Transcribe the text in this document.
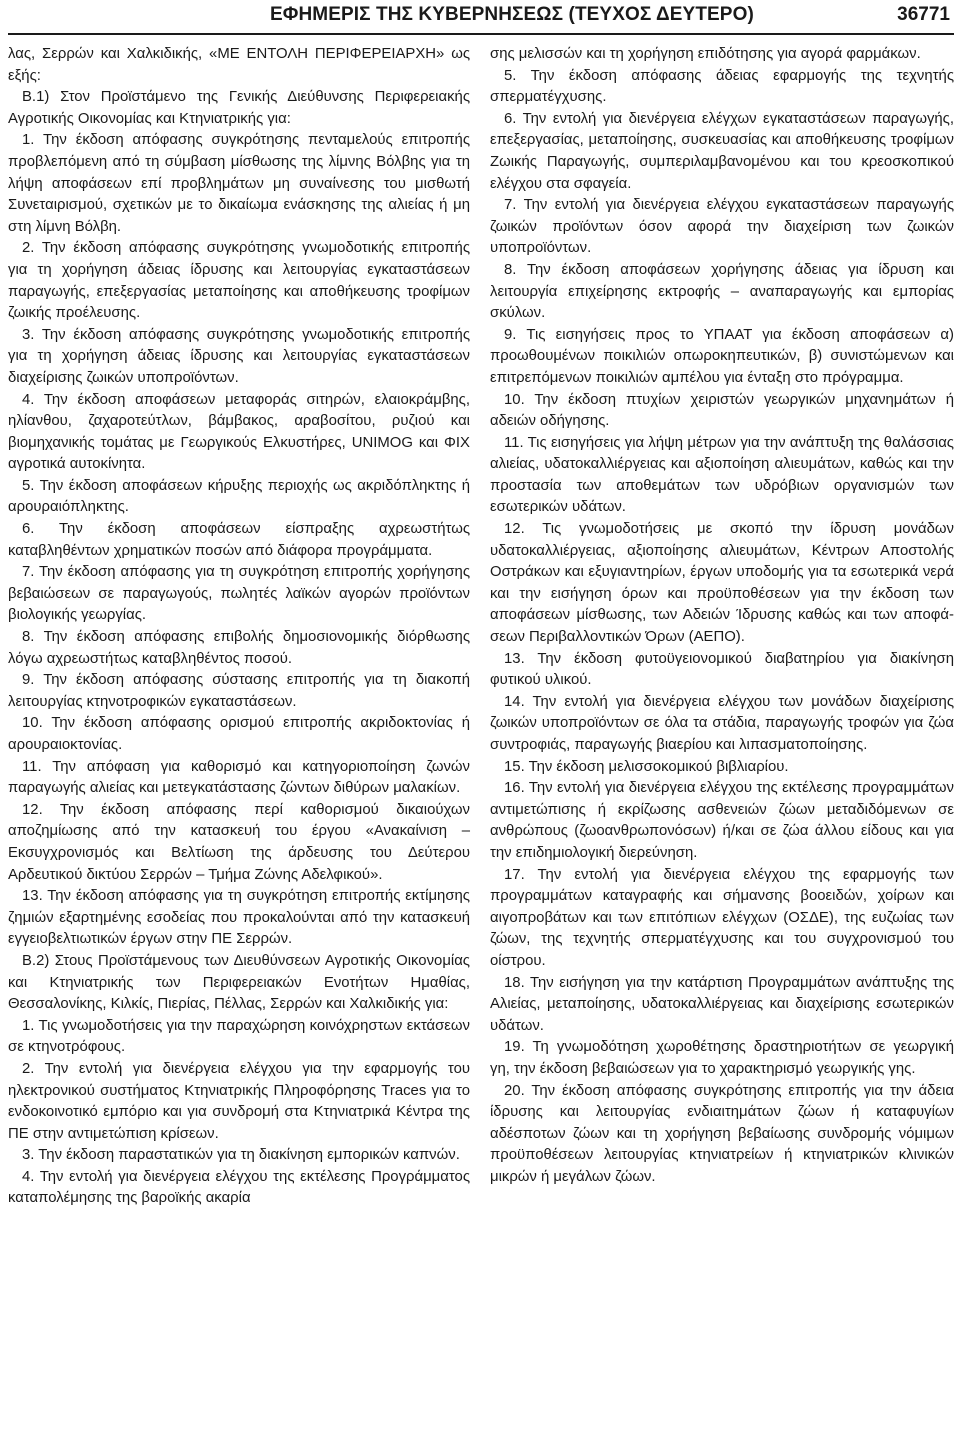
ΕΦΗΜΕΡΙΣ ΤΗΣ ΚΥΒΕΡΝΗΣΕΩΣ (ΤΕΥΧΟΣ ΔΕΥΤΕΡΟ)	36771

λας, Σερρών και Χαλκιδικής, «ΜΕ ΕΝΤΟΛΗ ΠΕΡΙΦΕΡΕΙΑΡΧΗ» ως εξής:

Β.1) Στον Προϊστάμενο της Γενικής Διεύθυνσης Περιφερειακής Αγροτικής Οικονομίας και Κτηνιατρικής για:

1. Την έκδοση απόφασης συγκρότησης πενταμελούς επιτροπής προβλεπόμενη από τη σύμβαση μίσθωσης της λίμνης Βόλβης για τη λήψη αποφάσεων επί προβλημάτων μη συναίνεσης του μισθωτή Συνεταιρισμού, σχετικών με το δικαίωμα ενάσκησης της αλιείας ή μη στη λίμνη Βόλβη.

2. Την έκδοση απόφασης συγκρότησης γνωμοδοτικής επιτροπής για τη χορήγηση άδειας ίδρυσης και λειτουργίας εγκαταστάσεων παραγωγής, επεξεργασίας μεταποίησης και αποθήκευσης τροφίμων ζωικής προέλευσης.

3. Την έκδοση απόφασης συγκρότησης γνωμοδοτικής επιτροπής για τη χορήγηση άδειας ίδρυσης και λειτουργίας εγκαταστάσεων διαχείρισης ζωικών υποπροϊόντων.

4. Την έκδοση αποφάσεων μεταφοράς σιτηρών, ελαιοκράμβης, ηλίανθου, ζαχαροτεύτλων, βάμβακος, αραβοσίτου, ρυζιού και βιομηχανικής τομάτας με Γεωργικούς Ελκυστήρες, UNIMOG και ΦΙΧ αγροτικά αυτοκίνητα.

5. Την έκδοση αποφάσεων κήρυξης περιοχής ως ακριδόπληκτης ή αρουραιόπληκτης.

6. Την έκδοση αποφάσεων είσπραξης αχρεωστήτως καταβληθέντων χρηματικών ποσών από διάφορα προγράμματα.

7. Την έκδοση απόφασης για τη συγκρότηση επιτροπής χορήγησης βεβαιώσεων σε παραγωγούς, πωλητές λαϊκών αγορών προϊόντων βιολογικής γεωργίας.

8. Την έκδοση απόφασης επιβολής δημοσιονομικής διόρθωσης λόγω αχρεωστήτως καταβληθέντος ποσού.

9. Την έκδοση απόφασης σύστασης επιτροπής για τη διακοπή λειτουργίας κτηνοτροφικών εγκαταστάσεων.

10. Την έκδοση απόφασης ορισμού επιτροπής ακριδοκτονίας ή αρουραιοκτονίας.

11. Την απόφαση για καθορισμό και κατηγοριοποίηση ζωνών παραγωγής αλιείας και μετεγκατάστασης ζώντων διθύρων μαλακίων.

12. Την έκδοση απόφασης περί καθορισμού δικαιούχων αποζημίωσης από την κατασκευή του έργου «Ανακαίνιση – Εκσυγχρονισμός και Βελτίωση της άρδευσης του Δεύτερου Αρδευτικού δικτύου Σερρών – Τμήμα Ζώνης Αδελφικού».

13. Την έκδοση απόφασης για τη συγκρότηση επιτροπής εκτίμησης ζημιών εξαρτημένης εσοδείας που προκαλούνται από την κατασκευή εγγειοβελτιωτικών έργων στην ΠΕ Σερρών.

Β.2) Στους Προϊστάμενους των Διευθύνσεων Αγροτικής Οικονομίας και Κτηνιατρικής των Περιφερειακών Ενοτήτων Ημαθίας, Θεσσαλονίκης, Κιλκίς, Πιερίας, Πέλλας, Σερρών και Χαλκιδικής για:

1. Τις γνωμοδοτήσεις για την παραχώρηση κοινόχρηστων εκτάσεων σε κτηνοτρόφους.

2. Την εντολή για διενέργεια ελέγχου για την εφαρμογής του ηλεκτρονικού συστήματος Κτηνιατρικής Πληροφόρησης Traces για το ενδοκοινοτικό εμπόριο και για συνδρομή στα Κτηνιατρικά Κέντρα της ΠΕ στην αντιμετώπιση κρίσεων.

3. Την έκδοση παραστατικών για τη διακίνηση εμπορικών καπνών.

4. Την εντολή για διενέργεια ελέγχου της εκτέλεσης Προγράμματος καταπολέμησης της βαροϊκής ακαρία

σης μελισσών και τη χορήγηση επιδότησης για αγορά φαρμάκων.

5. Την έκδοση απόφασης άδειας εφαρμογής της τεχνητής σπερματέγχυσης.

6. Την εντολή για διενέργεια ελέγχων εγκαταστάσεων παραγωγής, επεξεργασίας, μεταποίησης, συσκευασίας και αποθήκευσης τροφίμων Ζωικής Παραγωγής, συμπεριλαμβανομένου και του κρεοσκοπικού ελέγχου στα σφαγεία.

7. Την εντολή για διενέργεια ελέγχου εγκαταστάσεων παραγωγής ζωικών προϊόντων όσον αφορά την διαχείριση των ζωικών υποπροϊόντων.

8. Την έκδοση αποφάσεων χορήγησης άδειας για ίδρυση και λειτουργία επιχείρησης εκτροφής – αναπαραγωγής και εμπορίας σκύλων.

9. Τις εισηγήσεις προς το ΥΠΑΑΤ για έκδοση αποφάσεων α) προωθουμένων ποικιλιών οπωροκηπευτικών, β) συνιστώμενων και επιτρεπόμενων ποικιλιών αμπέλου για ένταξη στο πρόγραμμα.

10. Την έκδοση πτυχίων χειριστών γεωργικών μηχανημάτων ή αδειών οδήγησης.

11. Τις εισηγήσεις για λήψη μέτρων για την ανάπτυξη της θαλάσσιας αλιείας, υδατοκαλλιέργειας και αξιοποίηση αλιευμάτων, καθώς και την προστασία των αποθεμάτων των υδρόβιων οργανισμών των εσωτερικών υδάτων.

12. Τις γνωμοδοτήσεις με σκοπό την ίδρυση μονάδων υδατοκαλλιέργειας, αξιοποίησης αλιευμάτων, Κέντρων Αποστολής Οστράκων και εξυγιαντηρίων, έργων υποδομής για τα εσωτερικά νερά και την εισήγηση όρων και προϋποθέσεων για την έκδοση των αποφάσεων μίσθωσης, των Αδειών Ίδρυσης καθώς και των αποφάσεων Περιβαλλοντικών Όρων (ΑΕΠΟ).

13. Την έκδοση φυτοϋγειονομικού διαβατηρίου για διακίνηση φυτικού υλικού.

14. Την εντολή για διενέργεια ελέγχου των μονάδων διαχείρισης ζωικών υποπροϊόντων σε όλα τα στάδια, παραγωγής τροφών για ζώα συντροφιάς, παραγωγής βιαερίου και λιπασματοποίησης.

15. Την έκδοση μελισσοκομικού βιβλιαρίου.

16. Την εντολή για διενέργεια ελέγχου της εκτέλεσης προγραμμάτων αντιμετώπισης ή εκρίζωσης ασθενειών ζώων μεταδιδόμενων σε ανθρώπους (ζωοανθρωπονόσων) ή/και σε ζώα άλλου είδους και για την επιδημιολογική διερεύνηση.

17. Την εντολή για διενέργεια ελέγχου της εφαρμογής των προγραμμάτων καταγραφής και σήμανσης βοοειδών, χοίρων και αιγοπροβάτων και των επιτόπιων ελέγχων (ΟΣΔΕ), της ευζωίας των ζώων, της τεχνητής σπερματέγχυσης και του συγχρονισμού του οίστρου.

18. Την εισήγηση για την κατάρτιση Προγραμμάτων ανάπτυξης της Αλιείας, μεταποίησης, υδατοκαλλιέργειας και διαχείρισης εσωτερικών υδάτων.

19. Τη γνωμοδότηση χωροθέτησης δραστηριοτήτων σε γεωργική γη, την έκδοση βεβαιώσεων για το χαρακτηρισμό γεωργικής γης.

20. Την έκδοση απόφασης συγκρότησης επιτροπής για την άδεια ίδρυσης και λειτουργίας ενδιαιτημάτων ζώων ή καταφυγίων αδέσποτων ζώων και τη χορήγηση βεβαίωσης συνδρομής νόμιμων προϋποθέσεων λειτουργίας κτηνιατρείων ή κτηνιατρικών κλινικών μικρών ή μεγάλων ζώων.
